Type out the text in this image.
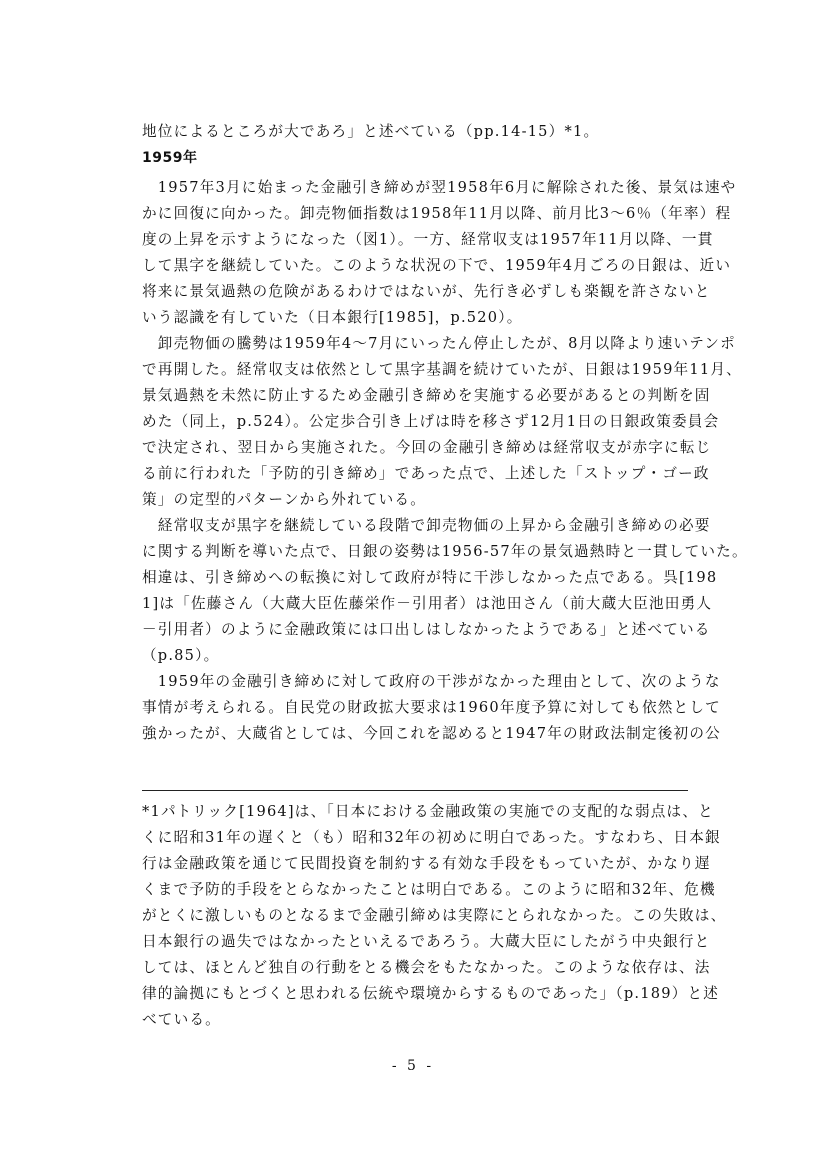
地位によるところが大であろ」と述べている（pp.14-15）*1。
1959年
　1957年3月に始まった金融引き締めが翌1958年6月に解除された後、景気は速や
かに回復に向かった。卸売物価指数は1958年11月以降、前月比3～6％（年率）程
度の上昇を示すようになった（図1）。一方、経常収支は1957年11月以降、一貫
して黒字を継続していた。このような状況の下で、1959年4月ごろの日銀は、近い
将来に景気過熱の危険があるわけではないが、先行き必ずしも楽観を許さないと
いう認識を有していた（日本銀行[1985]，p.520）。
　卸売物価の騰勢は1959年4～7月にいったん停止したが、8月以降より速いテンポ
で再開した。経常収支は依然として黒字基調を続けていたが、日銀は1959年11月、
景気過熱を未然に防止するため金融引き締めを実施する必要があるとの判断を固
めた（同上，p.524）。公定歩合引き上げは時を移さず12月1日の日銀政策委員会
で決定され、翌日から実施された。今回の金融引き締めは経常収支が赤字に転じ
る前に行われた「予防的引き締め」であった点で、上述した「ストップ・ゴー政
策」の定型的パターンから外れている。
　経常収支が黒字を継続している段階で卸売物価の上昇から金融引き締めの必要
に関する判断を導いた点で、日銀の姿勢は1956-57年の景気過熱時と一貫していた。
相違は、引き締めへの転換に対して政府が特に干渉しなかった点である。呉[198
1]は「佐藤さん（大蔵大臣佐藤栄作－引用者）は池田さん（前大蔵大臣池田勇人
－引用者）のように金融政策には口出しはしなかったようである」と述べている
（p.85）。
　1959年の金融引き締めに対して政府の干渉がなかった理由として、次のような
事情が考えられる。自民党の財政拡大要求は1960年度予算に対しても依然として
強かったが、大蔵省としては、今回これを認めると1947年の財政法制定後初の公
*1パトリック[1964]は、「日本における金融政策の実施での支配的な弱点は、と
くに昭和31年の遅くと（も）昭和32年の初めに明白であった。すなわち、日本銀
行は金融政策を通じて民間投資を制約する有効な手段をもっていたが、かなり遅
くまで予防的手段をとらなかったことは明白である。このように昭和32年、危機
がとくに激しいものとなるまで金融引締めは実際にとられなかった。この失敗は、
日本銀行の過失ではなかったといえるであろう。大蔵大臣にしたがう中央銀行と
しては、ほとんど独自の行動をとる機会をもたなかった。このような依存は、法
律的論拠にもとづくと思われる伝統や環境からするものであった」（p.189）と述
べている。
- 5 -
